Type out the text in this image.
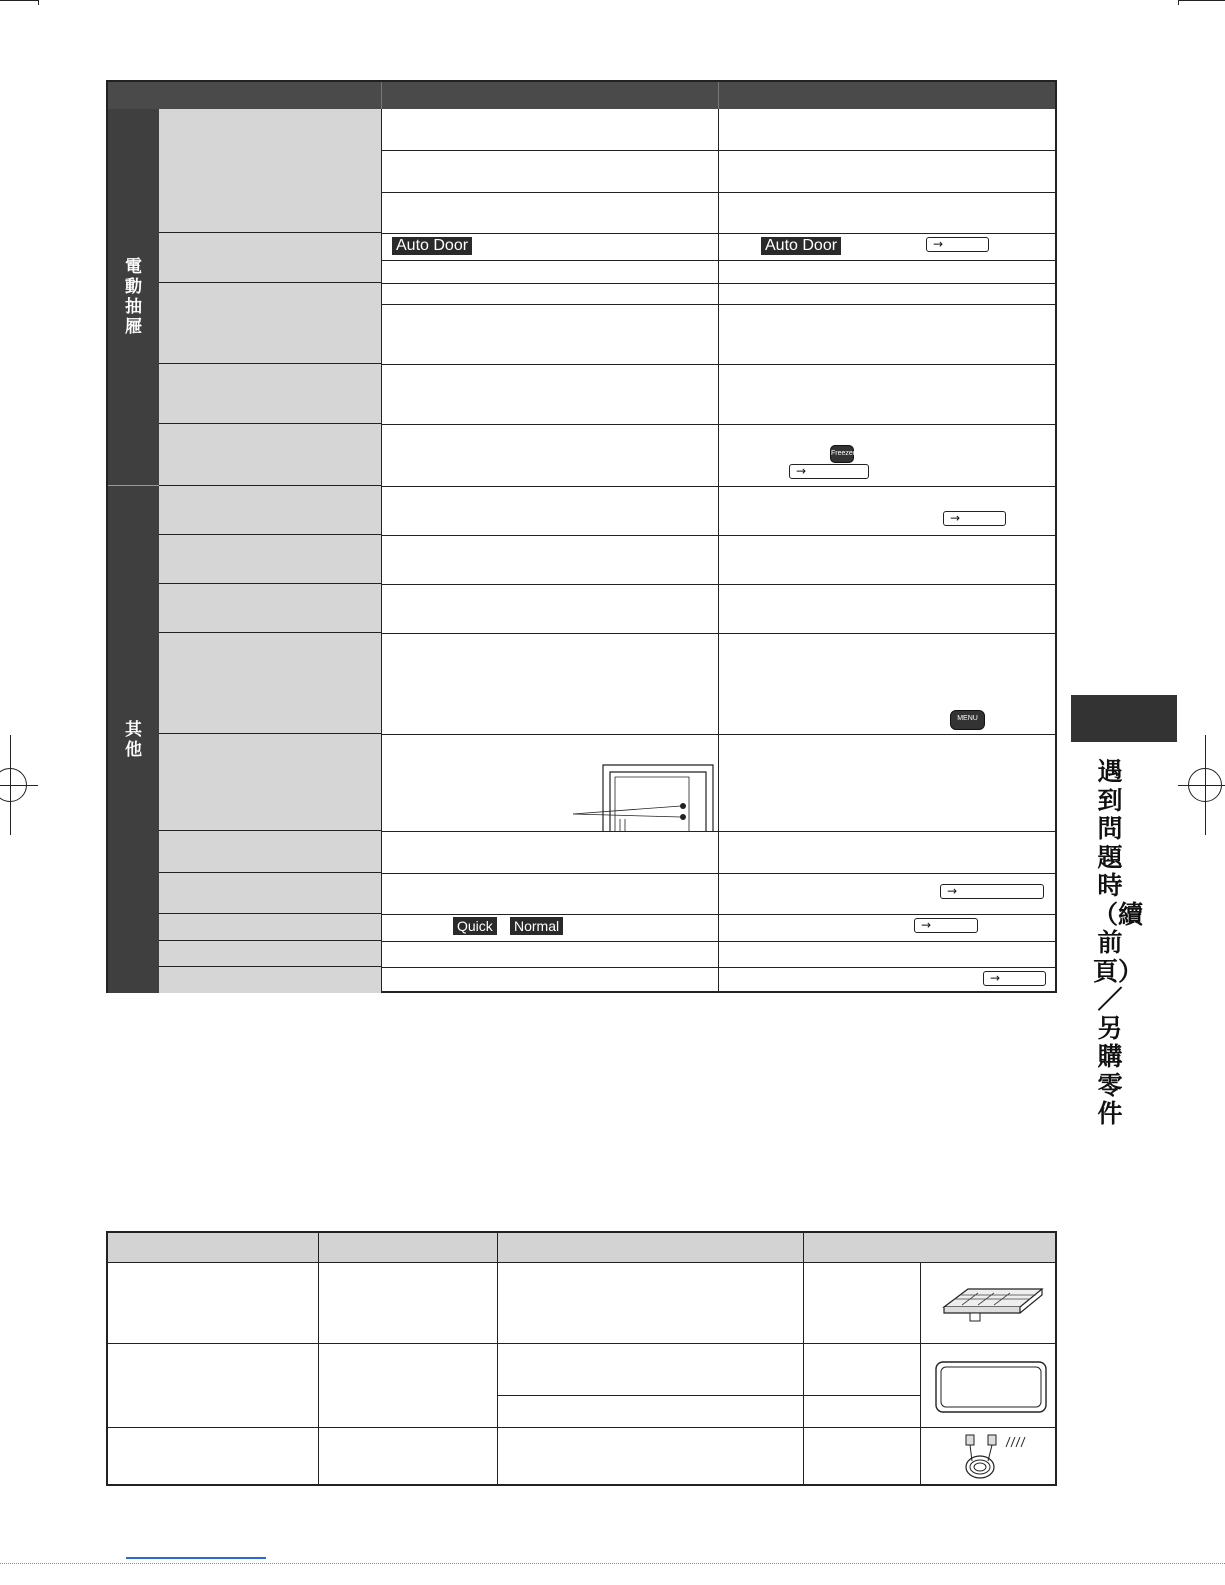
電動抽屜
其他
Auto Door	Auto Door
Quick Normal
→
→
→
→
→
→
Freezer
MENU
遇到問題時（續前頁）／另購零件
